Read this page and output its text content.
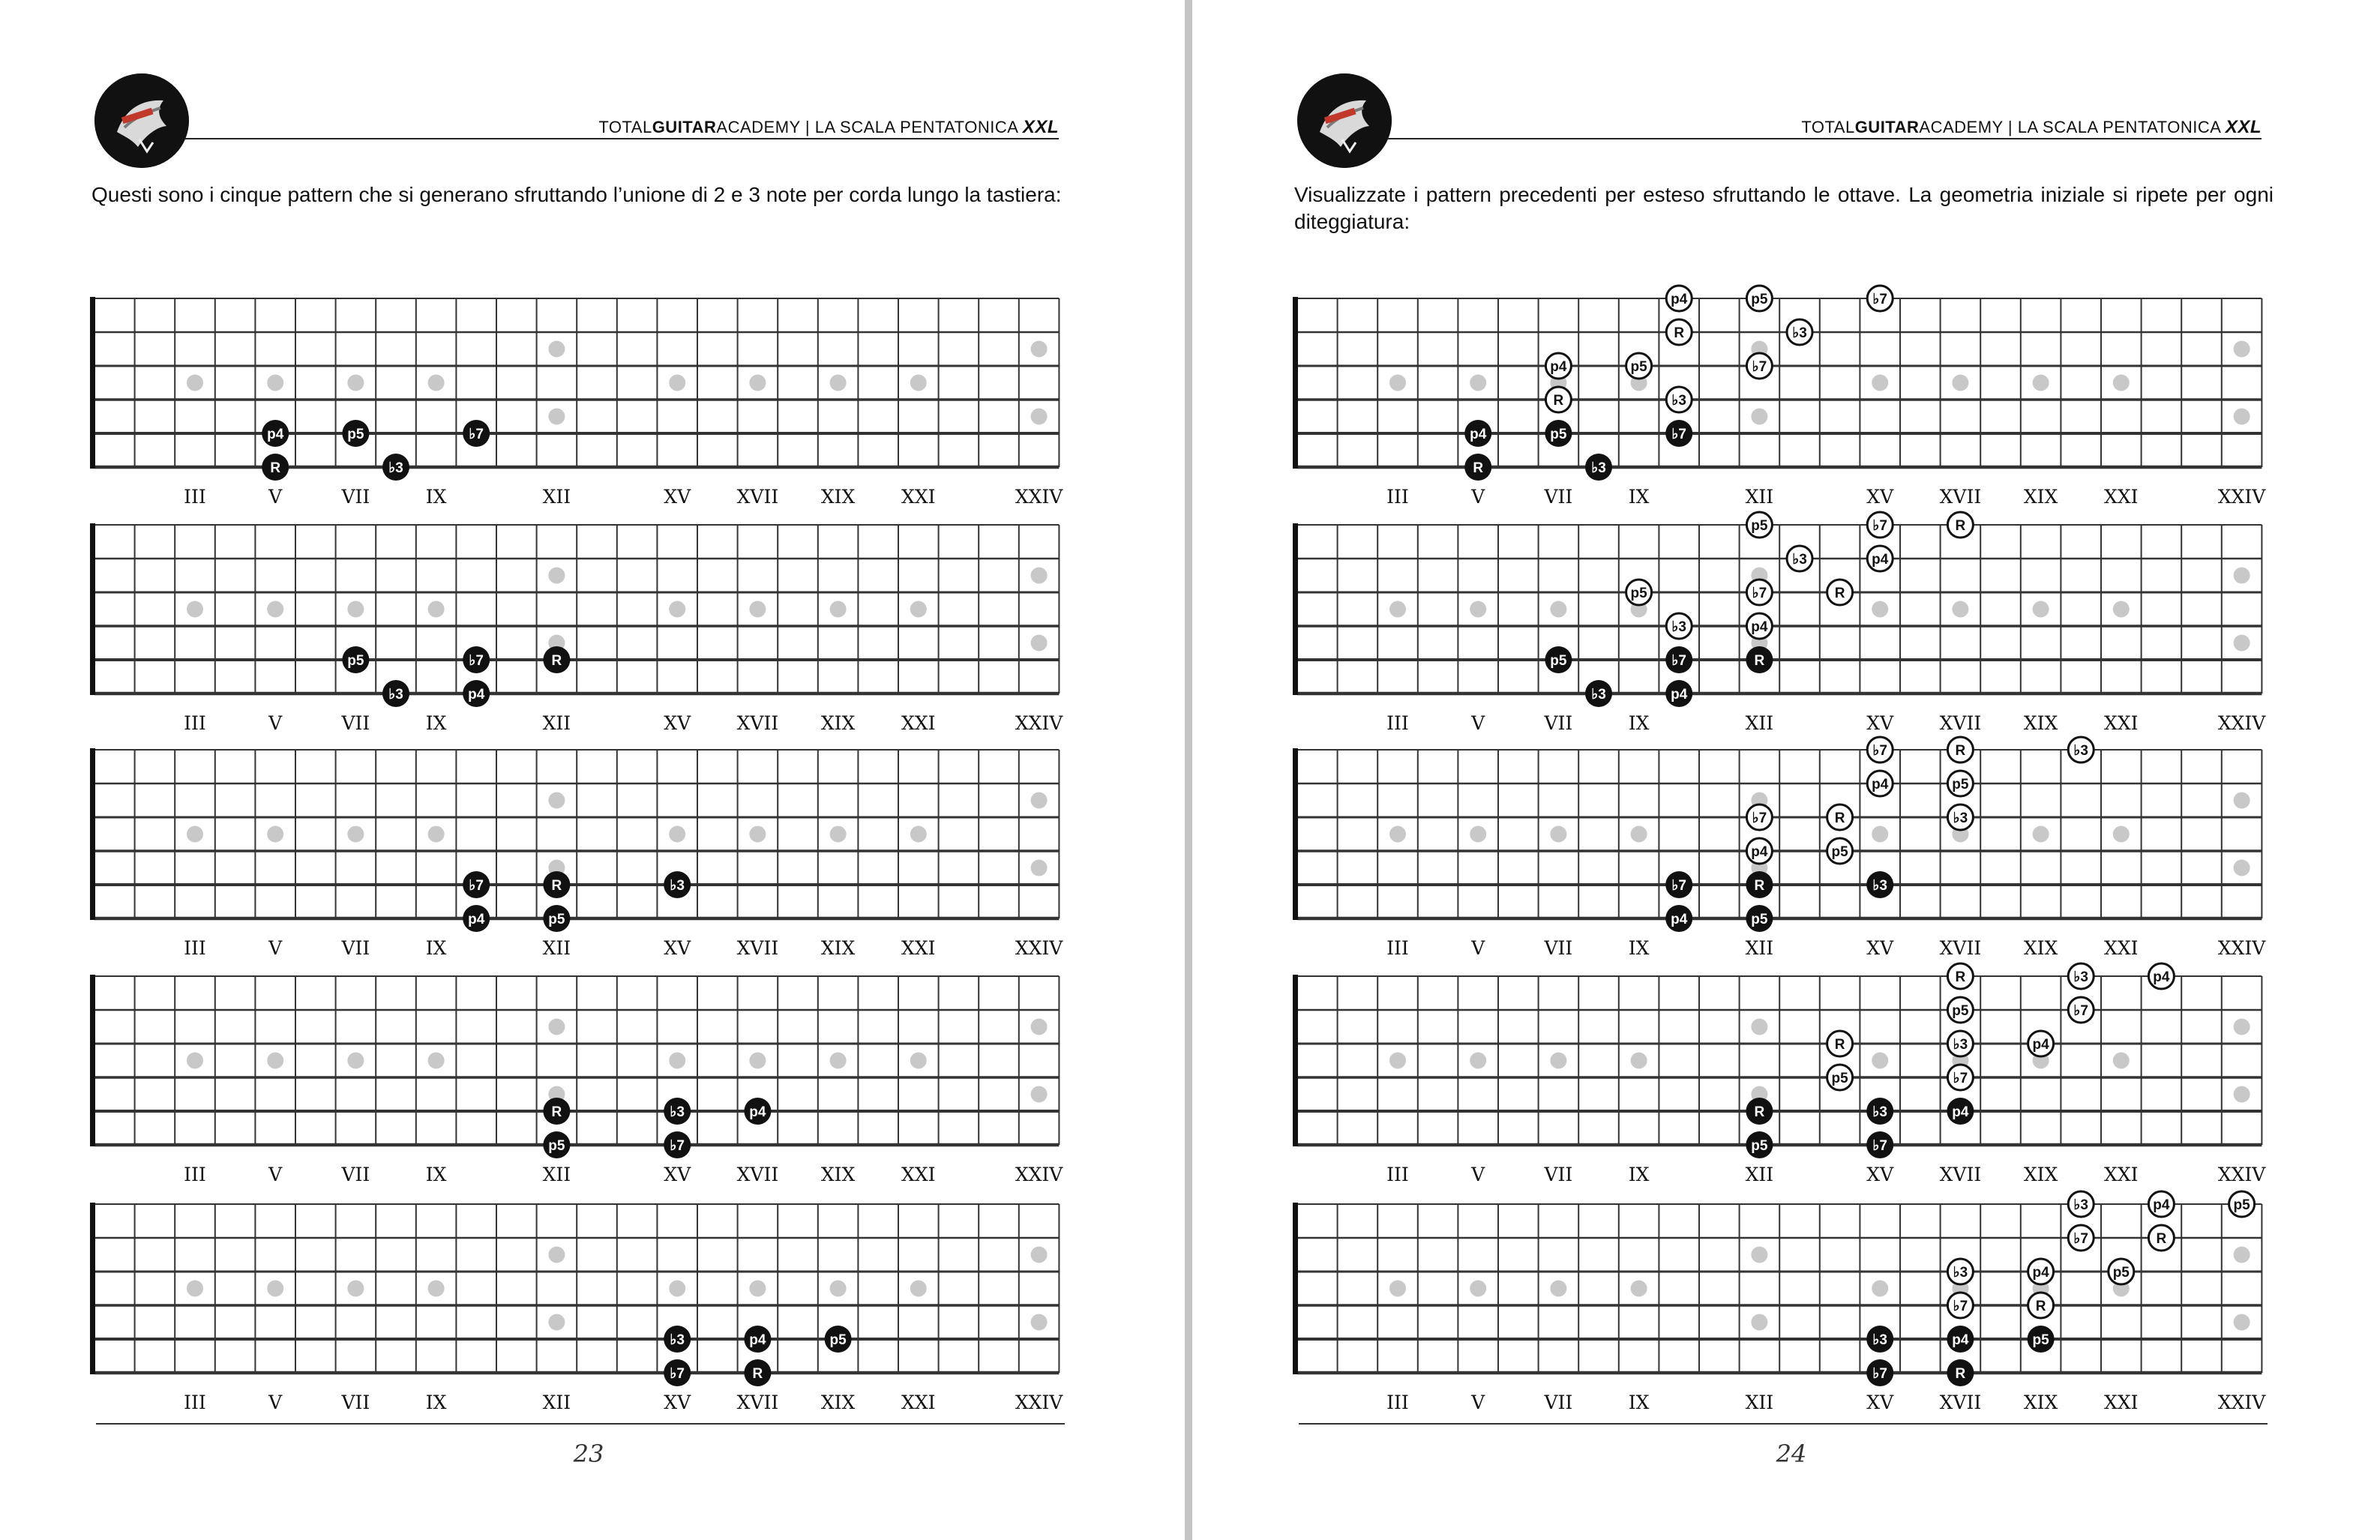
TOTALGUITARACADEMY | LA SCALA PENTATONICA XXL
Questi sono i cinque pattern che si generano sfruttando l’unione di 2 e 3 note per corda lungo la tastiera:
III	V	VII	IX	XII	XV XVII XIX XXI	XXIV
p4	p5	♭7
R	♭3
III	V	VII	IX	XII	XV XVII XIX XXI	XXIV
p5	♭7	R
♭3	p4
III	V	VII	IX	XII	XV XVII XIX XXI	XXIV
♭7	R	♭3
p4	p5
III	V	VII	IX	XII	XV XVII XIX XXI	XXIV
R	♭3	p4
p5	♭7
III	V	VII	IX	XII	XV XVII XIX XXI	XXIV
♭3	p4	p5
♭7	R
23
TOTALGUITARACADEMY | LA SCALA PENTATONICA XXL
Visualizzate i pattern precedenti per esteso sfruttando le ottave. La geometria iniziale si ripete per ogni diteggiatura:
III	V	VII	IX	XII	XV XVII XIX XXI	XXIV
p4	p5	♭7
R	♭3
p4	p5	♭7
R	♭3
p4	p5	♭7
R	♭3
III	V	VII	IX	XII	XV XVII XIX XXI	XXIV
p5	♭7	R
♭3	p4
p5	♭7	R
♭3	p4
p5	♭7	R
♭3	p4
III	V	VII	IX	XII	XV XVII XIX XXI	XXIV
♭7	R	♭3
p4	p5
♭7	R	♭3
p4	p5
♭7	R	♭3
p4	p5
III	V	VII	IX	XII	XV XVII XIX XXI	XXIV
R	♭3	p4
p5	♭7
R	♭3	p4
p5	♭7
R	♭3	p4
p5	♭7
III	V	VII	IX	XII	XV XVII XIX XXI	XXIV
♭3	p4	p5
♭7	R
♭3	p4	p5
♭7	R
♭3	p4	p5
♭7	R
24
